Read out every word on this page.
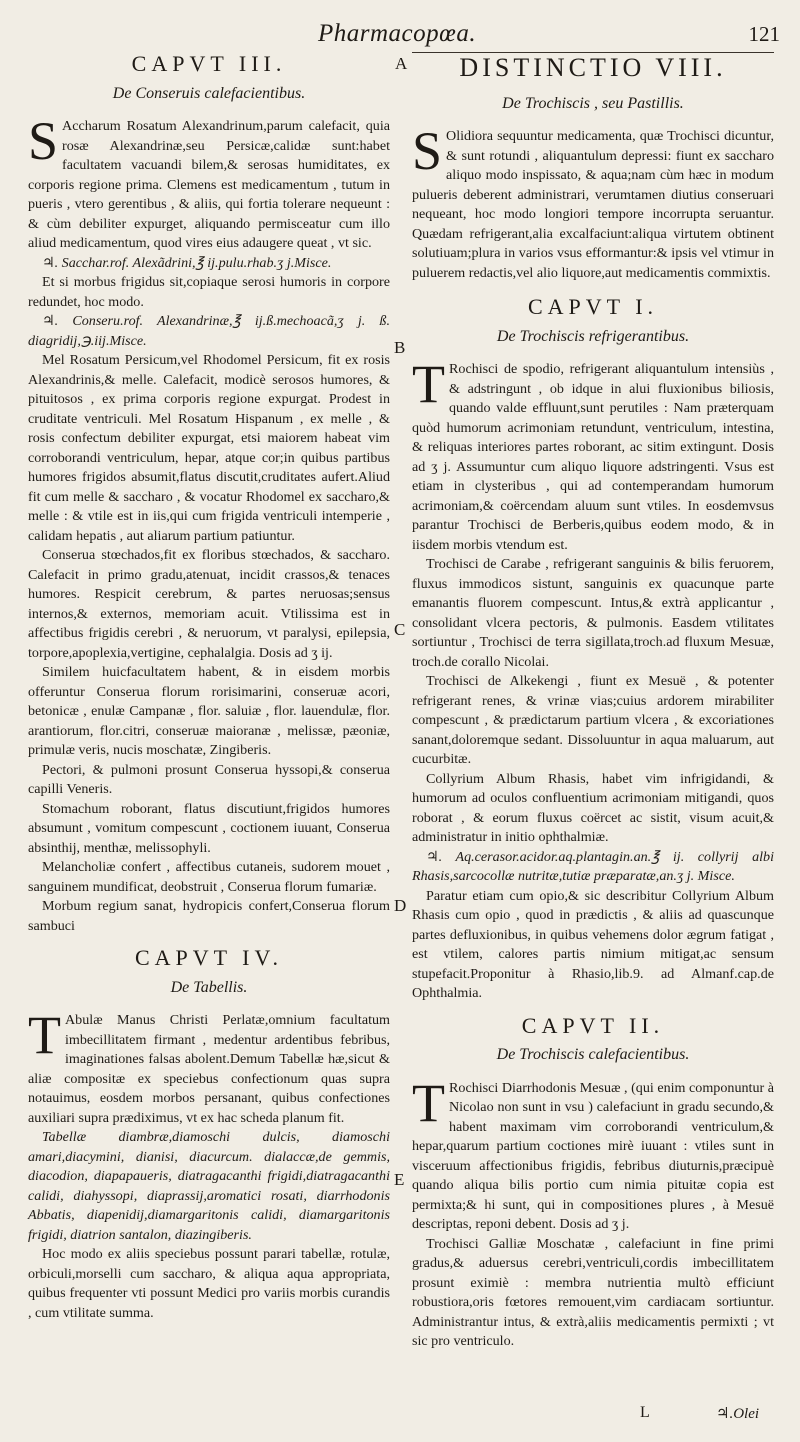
Pharmacopœa.	121
A
B
C
D
E
CAPVT III.
De Conseruis calefacientibus.

S Accharum Rosatum Alexandrinum,parum calefacit, quia rosæ Alexandrinæ,seu Persicæ,calidæ sunt:habet facultatem vacuandi bilem,& serosas humiditates, ex corporis regione prima. Clemens est medicamentum , tutum in pueris , vtero gerentibus , & aliis, qui fortia tolerare nequeunt : & cùm debiliter expurget, aliquando permisceatur cum illo aliud medicamentum, quod vires eius adaugere queat , vt sic.

♃. Sacchar.rof. Alexãdrini,℥ ij.pulu.rhab.ʒ j.Misce.

Et si morbus frigidus sit,copiaque serosi humoris in corpore redundet, hoc modo.

♃. Conseru.rof. Alexandrinæ,℥ ij.ß.mechoacã,ʒ j. ß. diagridij,℈.iij.Misce.

Mel Rosatum Persicum,vel Rhodomel Persicum, fit ex rosis Alexandrinis,& melle. Calefacit, modicè serosos humores, & pituitosos , ex prima corporis regione expurgat. Prodest in cruditate ventriculi. Mel Rosatum Hispanum , ex melle , & rosis confectum debiliter expurgat, etsi maiorem habeat vim corroborandi ventriculum, hepar, atque cor;in quibus partibus humores frigidos absumit,flatus discutit,cruditates aufert.Aliud fit cum melle & saccharo , & vocatur Rhodomel ex saccharo,& melle : & vtile est in iis,qui cum frigida ventriculi intemperie , calidam hepatis , aut aliarum partium patiuntur.

Conserua stœchados,fit ex floribus stœchados, & saccharo. Calefacit in primo gradu,atenuat, incidit crassos,& tenaces humores. Respicit cerebrum, & partes neruosas;sensus internos,& externos, memoriam acuit. Vtilissima est in affectibus frigidis cerebri , & neruorum, vt paralysi, epilepsia, torpore,apoplexia,vertigine, cephalalgia. Dosis ad ʒ ij.

Similem huicfacultatem habent, & in eisdem morbis offeruntur Conserua florum rorisimarini, conseruæ acori, betonicæ , enulæ Campanæ , flor. saluiæ , flor. lauendulæ, flor. arantiorum, flor.citri, conseruæ maioranæ , melissæ, pæoniæ, primulæ veris, nucis moschatæ, Zingiberis.

Pectori, & pulmoni prosunt Conserua hyssopi,& conserua capilli Veneris.

Stomachum roborant, flatus discutiunt,frigidos humores absumunt , vomitum compescunt , coctionem iuuant, Conserua absinthij, menthæ, melissophyli.

Melancholiæ confert , affectibus cutaneis, sudorem mouet , sanguinem mundificat, deobstruit , Conserua florum fumariæ.

Morbum regium sanat, hydropicis confert,Conserua florum sambuci

CAPVT IV.
De Tabellis.

T Abulæ Manus Christi Perlatæ,omnium facultatum imbecillitatem firmant , medentur ardentibus febribus, imaginationes falsas abolent.Demum Tabellæ hæ,sicut & aliæ compositæ ex speciebus confectionum quas supra notauimus, eosdem morbos persanant, quibus confectiones auxiliari supra prædiximus, vt ex hac scheda planum fit.

Tabellæ diambræ,diamoschi dulcis, diamoschi amari,diacymini, dianisi, diacurcum. dialaccæ,de gemmis, diacodion, diapapaueris, diatragacanthi frigidi,diatragacanthi calidi, diahyssopi, diaprassij,aromatici rosati, diarrhodonis Abbatis, diapenidij,diamargaritonis calidi, diamargaritonis frigidi, diatrion santalon, diazingiberis.

Hoc modo ex aliis speciebus possunt parari tabellæ, rotulæ, orbiculi,morselli cum saccharo, & aliqua aqua appropriata, quibus frequenter vti possunt Medici pro variis morbis curandis , cum vtilitate summa.

DISTINCTIO VIII.
De Trochiscis , seu Pastillis.

S Olidiora sequuntur medicamenta, quæ Trochisci dicuntur, & sunt rotundi , aliquantulum depressi: fiunt ex saccharo aliquo modo inspissato, & aqua;nam cùm hæc in modum pulueris deberent administrari, verumtamen diutius conseruari nequeant, hoc modo longiori tempore incorrupta seruantur. Quædam refrigerant,alia excalfaciunt:aliqua virtutem obtinent solutiuam;plura in varios vsus efformantur:& ipsis vel vtimur in puluerem redactis,vel alio liquore,aut medicamentis commixtis.

CAPVT I.
De Trochiscis refrigerantibus.

T Rochisci de spodio, refrigerant aliquantulum intensiùs , & adstringunt , ob idque in alui fluxionibus biliosis, quando valde effluunt,sunt perutiles : Nam præterquam quòd humorum acrimoniam retundunt, ventriculum, intestina, & reliquas interiores partes roborant, ac sitim extingunt. Dosis ad ʒ j. Assumuntur cum aliquo liquore adstringenti. Vsus est etiam in clysteribus , qui ad contemperandam humorum acrimoniam,& coërcendam aluum sunt vtiles. In eosdemvsus parantur Trochisci de Berberis,quibus eodem modo, & in iisdem morbis vtendum est.

Trochisci de Carabe , refrigerant sanguinis & bilis feruorem, fluxus immodicos sistunt, sanguinis ex quacunque parte emanantis fluorem compescunt. Intus,& extrà applicantur , consolidant vlcera pectoris, & pulmonis. Easdem vtilitates sortiuntur , Trochisci de terra sigillata,troch.ad fluxum Mesuæ, troch.de corallo Nicolai.

Trochisci de Alkekengi , fiunt ex Mesuë , & potenter refrigerant renes, & vrinæ vias;cuius ardorem mirabiliter compescunt , & prædictarum partium vlcera , & excoriationes sanant,doloremque sedant. Dissoluuntur in aqua maluarum, aut cucurbitæ.

Collyrium Album Rhasis, habet vim infrigidandi, & humorum ad oculos confluentium acrimoniam mitigandi, quos roborat , & eorum fluxus coërcet ac sistit, visum acuit,& administratur in initio ophthalmiæ.

♃. Aq.cerasor.acidor.aq.plantagin.an.℥ ij. collyrij albi Rhasis,sarcocollæ nutritæ,tutiæ præparatæ,an.ʒ j. Misce.

Paratur etiam cum opio,& sic describitur Collyrium Album Rhasis cum opio , quod in prædictis , & aliis ad quascunque partes defluxionibus, in quibus vehemens dolor ægrum fatigat , est vtilem, calores partis nimium mitigat,ac sensum stupefacit.Proponitur à Rhasio,lib.9. ad Almanf.cap.de Ophthalmia.

CAPVT II.
De Trochiscis calefacientibus.

T Rochisci Diarrhodonis Mesuæ , (qui enim componuntur à Nicolao non sunt in vsu ) calefaciunt in gradu secundo,& habent maximam vim corroborandi ventriculum,& hepar,quarum partium coctiones mirè iuuant : vtiles sunt in visceruum affectionibus frigidis, febribus diuturnis,præcipuè quando aliqua bilis portio cum nimia pituitæ copia est permixta;& hi sunt, qui in compositiones plures , à Mesuë descriptas, reponi debent. Dosis ad ʒ j.

Trochisci Galliæ Moschatæ , calefaciunt in fine primi gradus,& aduersus cerebri,ventriculi,cordis imbecillitatem prosunt eximiè : membra nutrientia multò efficiunt robustiora,oris fœtores remouent,vim cardiacam sortiuntur. Administrantur intus, & extrà,aliis medicamentis permixti ; vt sic pro ventriculo.

L	♃.Olei
